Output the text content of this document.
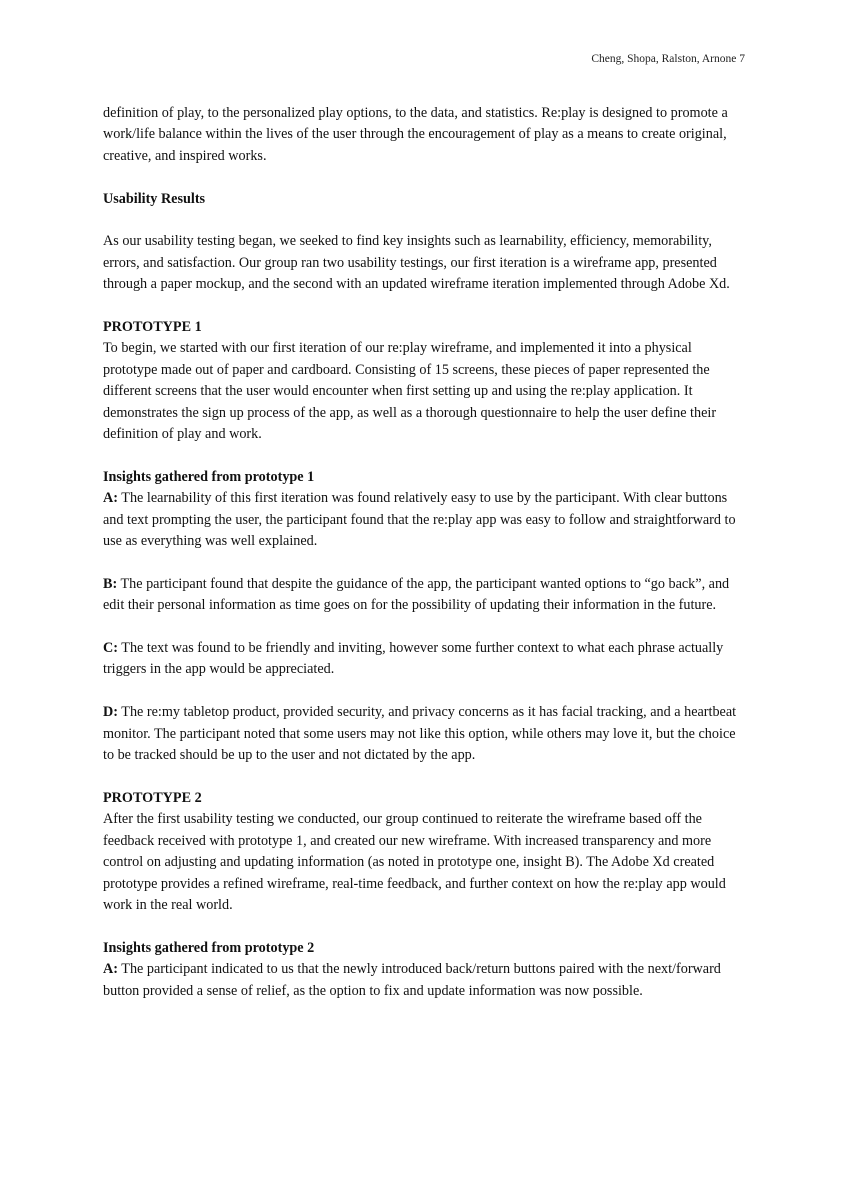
Cheng, Shopa, Ralston, Arnone 7

definition of play, to the personalized play options, to the data, and statistics. Re:play is designed to promote a work/life balance within the lives of the user through the encouragement of play as a means to create original, creative, and inspired works.

Usability Results

As our usability testing began, we seeked to find key insights such as learnability, efficiency, memorability, errors, and satisfaction. Our group ran two usability testings, our first iteration is a wireframe app, presented through a paper mockup, and the second with an updated wireframe iteration implemented through Adobe Xd.

PROTOTYPE 1

To begin, we started with our first iteration of our re:play wireframe, and implemented it into a physical prototype made out of paper and cardboard. Consisting of 15 screens, these pieces of paper represented the different screens that the user would encounter when first setting up and using the re:play application. It demonstrates the sign up process of the app, as well as a thorough questionnaire to help the user define their definition of play and work.

Insights gathered from prototype 1

A: The learnability of this first iteration was found relatively easy to use by the participant. With clear buttons and text prompting the user, the participant found that the re:play app was easy to follow and straightforward to use as everything was well explained.

B: The participant found that despite the guidance of the app, the participant wanted options to “go back”, and edit their personal information as time goes on for the possibility of updating their information in the future.

C: The text was found to be friendly and inviting, however some further context to what each phrase actually triggers in the app would be appreciated.

D: The re:my tabletop product, provided security, and privacy concerns as it has facial tracking, and a heartbeat monitor. The participant noted that some users may not like this option, while others may love it, but the choice to be tracked should be up to the user and not dictated by the app.

PROTOTYPE 2

After the first usability testing we conducted, our group continued to reiterate the wireframe based off the feedback received with prototype 1, and created our new wireframe. With increased transparency and more control on adjusting and updating information (as noted in prototype one, insight B). The Adobe Xd created prototype provides a refined wireframe, real-time feedback, and further context on how the re:play app would work in the real world.

Insights gathered from prototype 2

A: The participant indicated to us that the newly introduced back/return buttons paired with the next/forward button provided a sense of relief, as the option to fix and update information was now possible.
